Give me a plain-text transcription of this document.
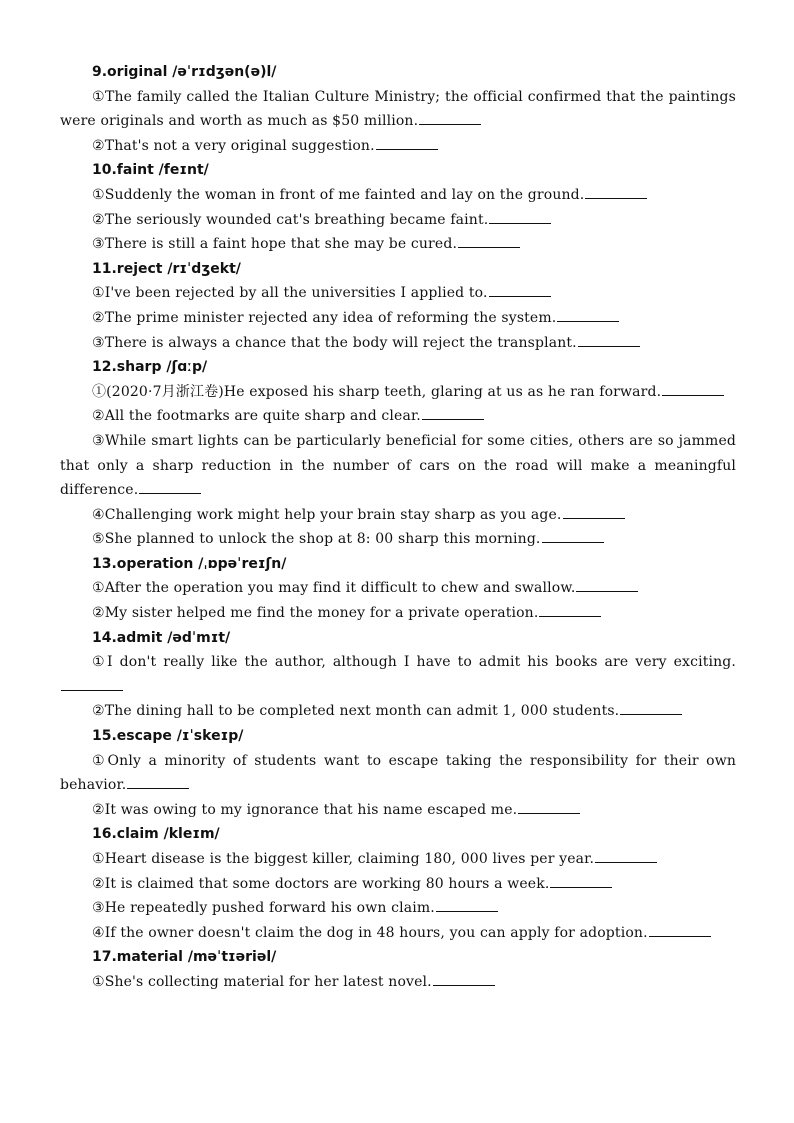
9.original /əˈrɪdʒən(ə)l/
①The family called the Italian Culture Ministry; the official confirmed that the paintings were originals and worth as much as $50 million.
②That's not a very original suggestion.
10.faint /feɪnt/
①Suddenly the woman in front of me fainted and lay on the ground.
②The seriously wounded cat's breathing became faint.
③There is still a faint hope that she may be cured.
11.reject /rɪˈdʒekt/
①I've been rejected by all the universities I applied to.
②The prime minister rejected any idea of reforming the system.
③There is always a chance that the body will reject the transplant.
12.sharp /ʃɑːp/
①(2020·7月浙江卷)He exposed his sharp teeth, glaring at us as he ran forward.
②All the footmarks are quite sharp and clear.
③While smart lights can be particularly beneficial for some cities, others are so jammed that only a sharp reduction in the number of cars on the road will make a meaningful difference.
④Challenging work might help your brain stay sharp as you age.
⑤She planned to unlock the shop at 8: 00 sharp this morning.
13.operation /ˌɒpəˈreɪʃn/
①After the operation you may find it difficult to chew and swallow.
②My sister helped me find the money for a private operation.
14.admit /ədˈmɪt/
①I don't really like the author, although I have to admit his books are very exciting.
②The dining hall to be completed next month can admit 1, 000 students.
15.escape /ɪˈskeɪp/
①Only a minority of students want to escape taking the responsibility for their own behavior.
②It was owing to my ignorance that his name escaped me.
16.claim /kleɪm/
①Heart disease is the biggest killer, claiming 180, 000 lives per year.
②It is claimed that some doctors are working 80 hours a week.
③He repeatedly pushed forward his own claim.
④If the owner doesn't claim the dog in 48 hours, you can apply for adoption.
17.material /məˈtɪəriəl/
①She's collecting material for her latest novel.
